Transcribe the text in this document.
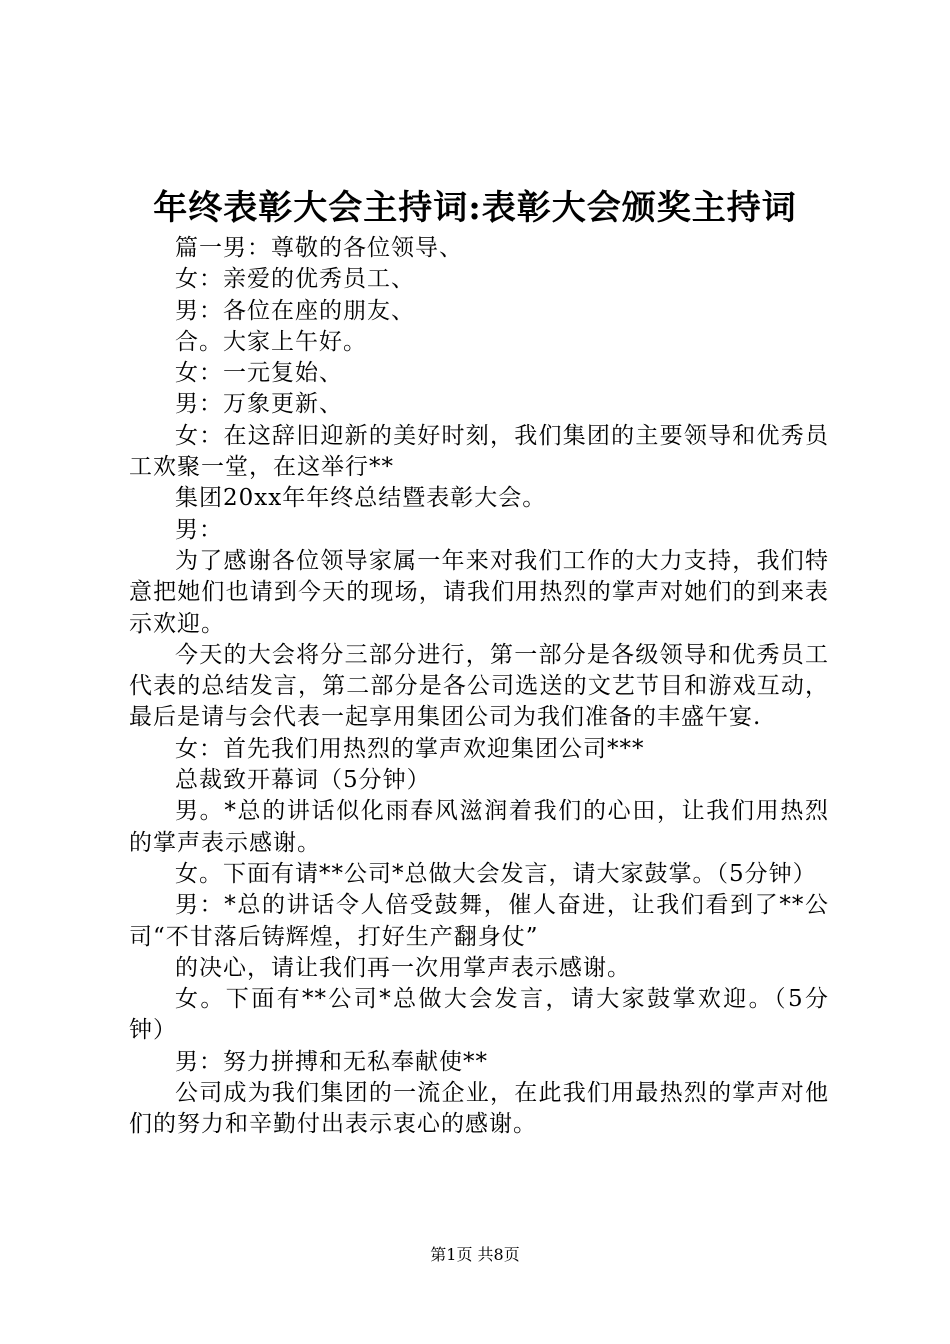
年终表彰大会主持词:表彰大会颁奖主持词

篇一男：尊敬的各位领导、

女：亲爱的优秀员工、

男：各位在座的朋友、

合。大家上午好。

女：一元复始、

男：万象更新、

女：在这辞旧迎新的美好时刻，我们集团的主要领导和优秀员工欢聚一堂，在这举行**

集团20xx年年终总结暨表彰大会。

男：

为了感谢各位领导家属一年来对我们工作的大力支持，我们特意把她们也请到今天的现场，请我们用热烈的掌声对她们的到来表示欢迎。

今天的大会将分三部分进行，第一部分是各级领导和优秀员工代表的总结发言，第二部分是各公司选送的文艺节目和游戏互动，最后是请与会代表一起享用集团公司为我们准备的丰盛午宴.

女：首先我们用热烈的掌声欢迎集团公司***

总裁致开幕词（5分钟）

男。*总的讲话似化雨春风滋润着我们的心田，让我们用热烈的掌声表示感谢。

女。下面有请**公司*总做大会发言，请大家鼓掌。（5分钟）

男：*总的讲话令人倍受鼓舞，催人奋进，让我们看到了**公司“不甘落后铸辉煌，打好生产翻身仗”

的决心，请让我们再一次用掌声表示感谢。

女。下面有**公司*总做大会发言，请大家鼓掌欢迎。（5分钟）

男：努力拼搏和无私奉献使**

公司成为我们集团的一流企业，在此我们用最热烈的掌声对他们的努力和辛勤付出表示衷心的感谢。

第1页 共8页
